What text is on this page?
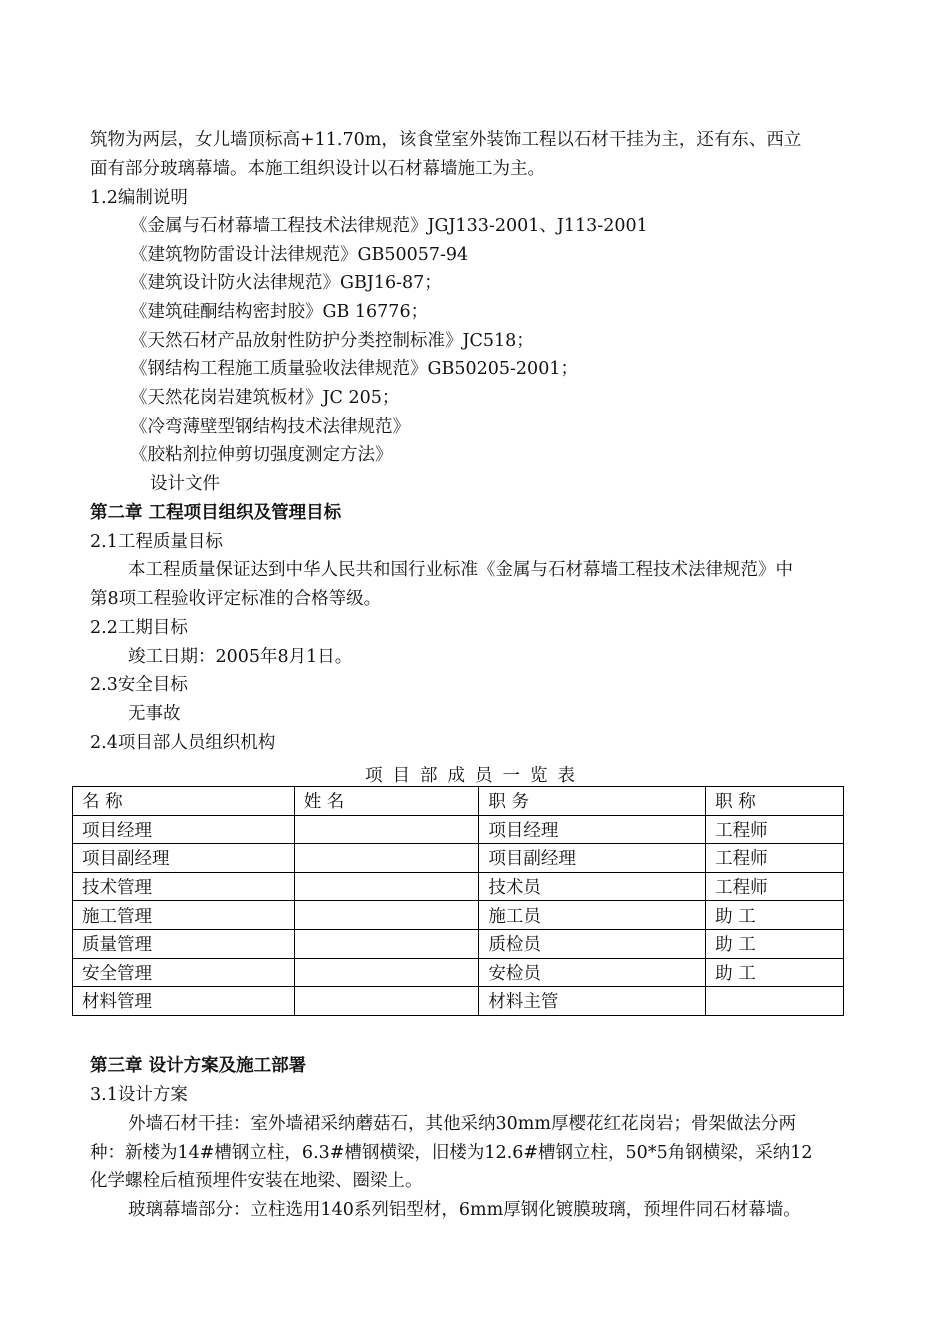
筑物为两层，女儿墙顶标高+11.70m，该食堂室外装饰工程以石材干挂为主，还有东、西立
面有部分玻璃幕墙。本施工组织设计以石材幕墙施工为主。
1.2编制说明
《金属与石材幕墙工程技术法律规范》JGJ133-2001、J113-2001
《建筑物防雷设计法律规范》GB50057-94
《建筑设计防火法律规范》GBJ16-87；
《建筑硅酮结构密封胶》GB 16776；
《天然石材产品放射性防护分类控制标准》JC518；
《钢结构工程施工质量验收法律规范》GB50205-2001；
《天然花岗岩建筑板材》JC 205；
《冷弯薄壁型钢结构技术法律规范》
《胶粘剂拉伸剪切强度测定方法》
设计文件
第二章 工程项目组织及管理目标
2.1工程质量目标
本工程质量保证达到中华人民共和国行业标准《金属与石材幕墙工程技术法律规范》中
第8项工程验收评定标准的合格等级。
2.2工期目标
竣工日期：2005年8月1日。
2.3安全目标
无事故
2.4项目部人员组织机构
项目部成员一览表
名 称	姓 名	职 务	职 称
项目经理		项目经理	工程师
项目副经理		项目副经理	工程师
技术管理		技术员	工程师
施工管理		施工员	助 工
质量管理		质检员	助 工
安全管理		安检员	助 工
材料管理		材料主管	
第三章 设计方案及施工部署
3.1设计方案
外墙石材干挂：室外墙裙采纳蘑菇石，其他采纳30mm厚樱花红花岗岩；骨架做法分两
种：新楼为14#槽钢立柱，6.3#槽钢横梁，旧楼为12.6#槽钢立柱，50*5角钢横梁，采纳12
化学螺栓后植预埋件安装在地梁、圈梁上。
玻璃幕墙部分：立柱选用140系列铝型材，6mm厚钢化镀膜玻璃，预埋件同石材幕墙。
